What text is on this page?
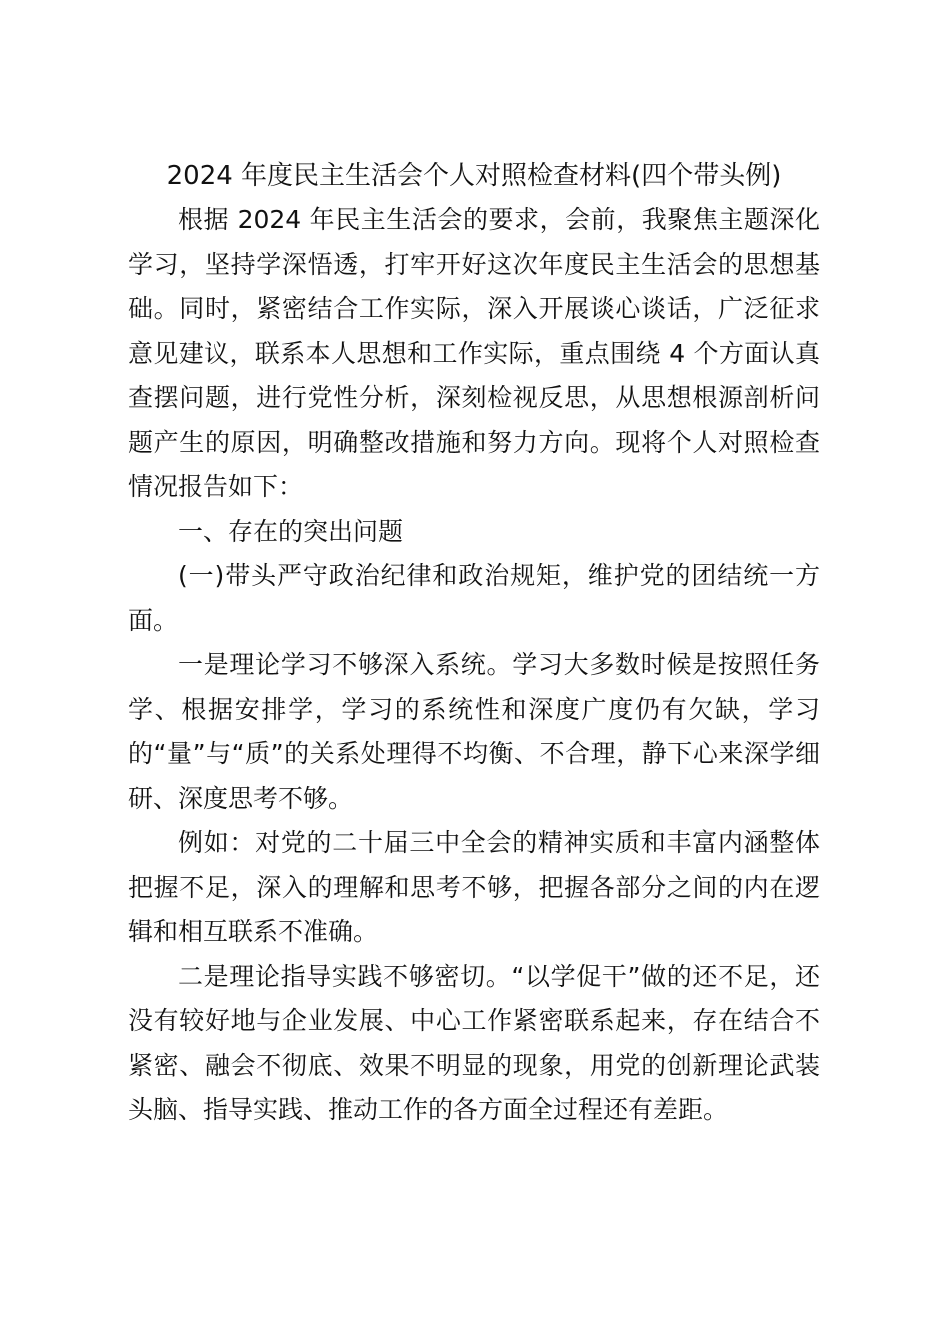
2024 年度民主生活会个人对照检查材料(四个带头例)

根据 2024 年民主生活会的要求，会前，我聚焦主题深化学习，坚持学深悟透，打牢开好这次年度民主生活会的思想基础。同时，紧密结合工作实际，深入开展谈心谈话，广泛征求意见建议，联系本人思想和工作实际，重点围绕 4 个方面认真查摆问题，进行党性分析，深刻检视反思，从思想根源剖析问题产生的原因，明确整改措施和努力方向。现将个人对照检查情况报告如下：

一、存在的突出问题

(一)带头严守政治纪律和政治规矩，维护党的团结统一方面。

一是理论学习不够深入系统。学习大多数时候是按照任务学、根据安排学，学习的系统性和深度广度仍有欠缺，学习的“量”与“质”的关系处理得不均衡、不合理，静下心来深学细研、深度思考不够。

例如：对党的二十届三中全会的精神实质和丰富内涵整体把握不足，深入的理解和思考不够，把握各部分之间的内在逻辑和相互联系不准确。

二是理论指导实践不够密切。“以学促干”做的还不足，还没有较好地与企业发展、中心工作紧密联系起来，存在结合不紧密、融会不彻底、效果不明显的现象，用党的创新理论武装头脑、指导实践、推动工作的各方面全过程还有差距。
